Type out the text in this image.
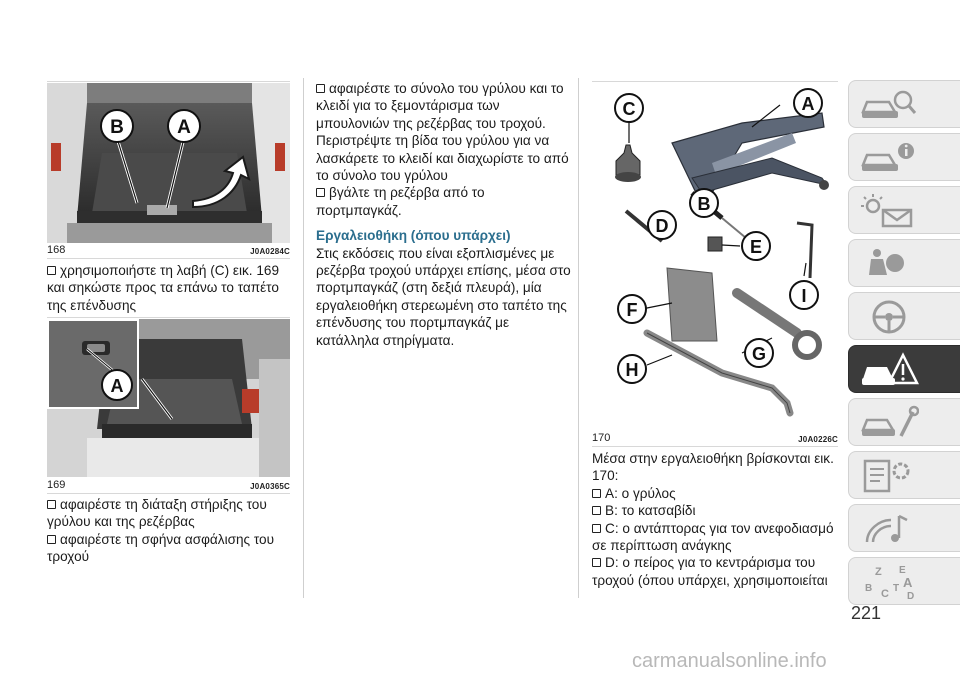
B	A
168	J0A0284C

χρησιμοποιήστε τη λαβή (C) εικ. 169 και σηκώστε προς τα επάνω το ταπέτο της επένδυσης

A
169	J0A0365C

αφαιρέστε τη διάταξη στήριξης του γρύλου και της ρεζέρβας

αφαιρέστε τη σφήνα ασφάλισης του τροχού

αφαιρέστε το σύνολο του γρύλου και το κλειδί για το ξεμοντάρισμα των μπουλονιών της ρεζέρβας του τροχού. Περιστρέψτε τη βίδα του γρύλου για να λασκάρετε το κλειδί και διαχωρίστε το από το σύνολο του γρύλου

βγάλτε τη ρεζέρβα από το πορτμπαγκάζ.

Εργαλειοθήκη (όπου υπάρχει)

Στις εκδόσεις που είναι εξοπλισμένες με ρεζέρβα τροχού υπάρχει επίσης, μέσα στο πορτμπαγκάζ (στη δεξιά πλευρά), μία εργαλειοθήκη στερεωμένη στο ταπέτο της επένδυσης του πορτμπαγκάζ με κατάλληλα στηρίγματα.

C	A
B
D
E
F
I
G
H
170	J0A0226C

Μέσα στην εργαλειοθήκη βρίσκονται εικ. 170:

A: ο γρύλος

B: το κατσαβίδι

C: ο αντάπτορας για τον ανεφοδιασμό σε περίπτωση ανάγκης

D: ο πείρος για το κεντράρισμα του τροχού (όπου υπάρχει, χρησιμοποιείται

Z E
B C T A
D
221
carmanualsonline.info
